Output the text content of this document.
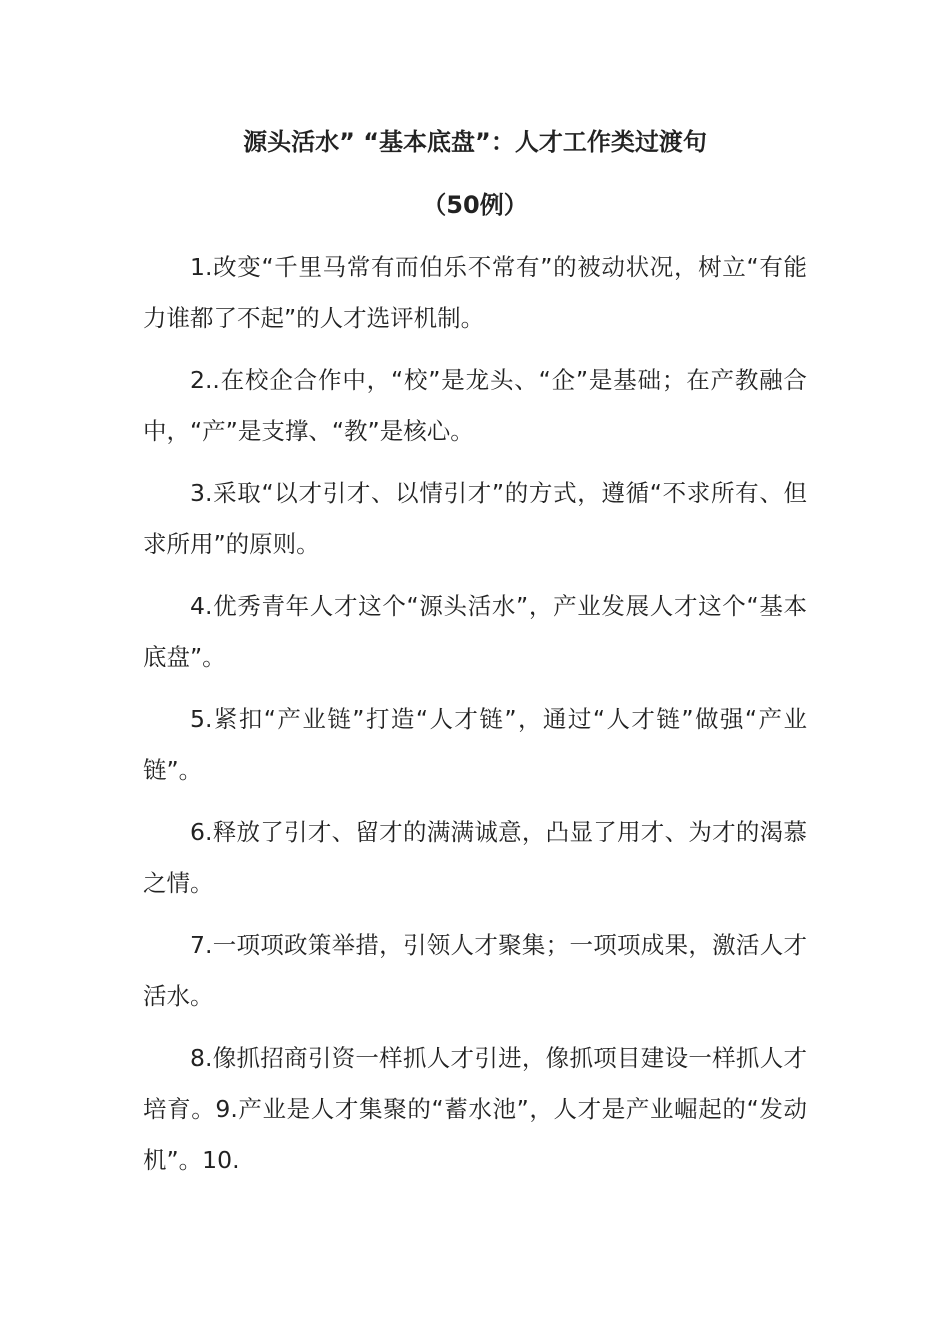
源头活水” “基本底盘”：人才工作类过渡句
（50例）

1.改变“千里马常有而伯乐不常有”的被动状况，树立“有能力谁都了不起”的人才选评机制。

2..在校企合作中，“校”是龙头、“企”是基础；在产教融合中，“产”是支撑、“教”是核心。

3.采取“以才引才、以情引才”的方式，遵循“不求所有、但求所用”的原则。

4.优秀青年人才这个“源头活水”，产业发展人才这个“基本底盘”。

5.紧扣“产业链”打造“人才链”，通过“人才链”做强“产业链”。

6.释放了引才、留才的满满诚意，凸显了用才、为才的渴慕之情。

7.一项项政策举措，引领人才聚集；一项项成果，激活人才活水。

8.像抓招商引资一样抓人才引进，像抓项目建设一样抓人才培育。9.产业是人才集聚的“蓄水池”，人才是产业崛起的“发动机”。10.
